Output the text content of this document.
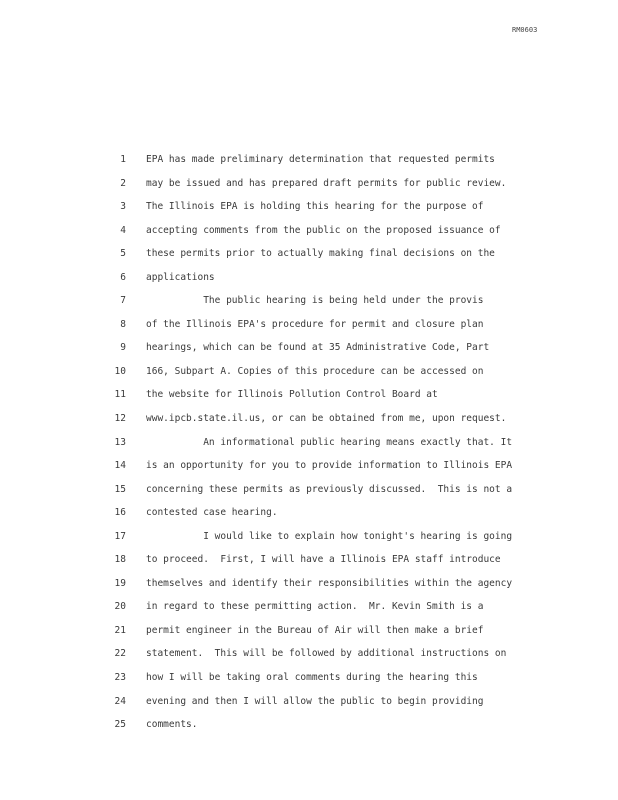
RM0603
1 EPA has made preliminary determination that requested permits
2 may be issued and has prepared draft permits for public review.
3 The Illinois EPA is holding this hearing for the purpose of
4 accepting comments from the public on the proposed issuance of
5 these permits prior to actually making final decisions on the
6 applications
7 The public hearing is being held under the provis
8 of the Illinois EPA's procedure for permit and closure plan
9 hearings, which can be found at 35 Administrative Code, Part
10 166, Subpart A. Copies of this procedure can be accessed on
11 the website for Illinois Pollution Control Board at
12 www.ipcb.state.il.us, or can be obtained from me, upon request.
13 An informational public hearing means exactly that. It
14 is an opportunity for you to provide information to Illinois EPA
15 concerning these permits as previously discussed.  This is not a
16 contested case hearing.
17 I would like to explain how tonight's hearing is going
18 to proceed.  First, I will have a Illinois EPA staff introduce
19 themselves and identify their responsibilities within the agency
20 in regard to these permitting action.  Mr. Kevin Smith is a
21 permit engineer in the Bureau of Air will then make a brief
22 statement.  This will be followed by additional instructions on
23 how I will be taking oral comments during the hearing this
24 evening and then I will allow the public to begin providing
25 comments.
